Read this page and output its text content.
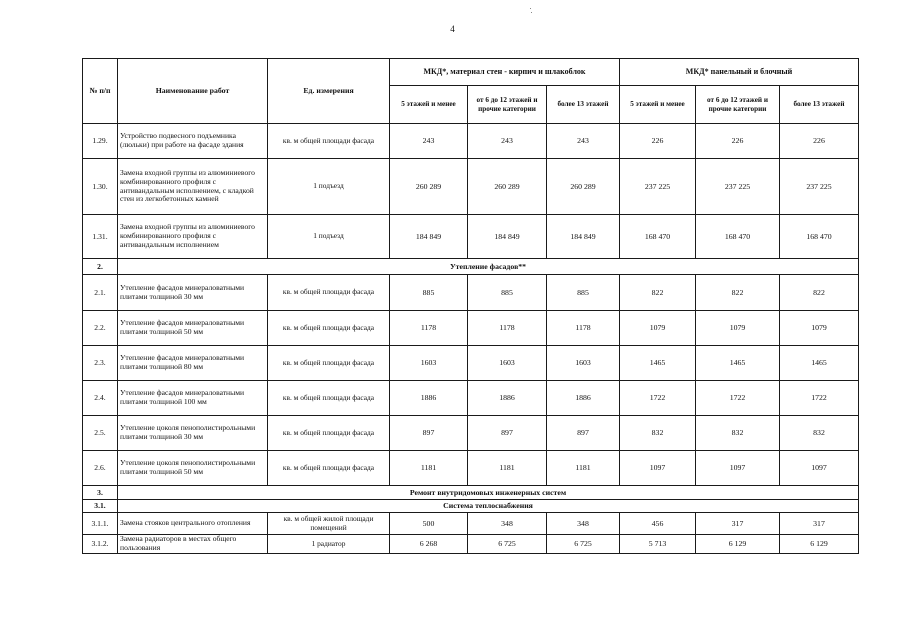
4
№ п/п	Наименование работ	Ед. измерения	МКД*, материал стен - кирпич и шлакоблок			МКД* панельный и блочный		
			5 этажей и менее	от 6 до 12 этажей и прочие категории	более 13 этажей	5 этажей и менее	от 6 до 12 этажей и прочие категории	более 13 этажей
1.29.	Устройство подвесного подъемника (люльки) при работе на фасаде здания	кв. м общей площади фасада	243	243	243	226	226	226
1.30.	Замена входной группы из алюминиевого комбинированного профиля с антивандальным исполнением, с кладкой стен из легкобетонных камней	1 подъезд	260 289	260 289	260 289	237 225	237 225	237 225
1.31.	Замена входной группы из алюминиевого комбинированного профиля с антивандальным исполнением	1 подъезд	184 849	184 849	184 849	168 470	168 470	168 470
2.	Утепление фасадов**							
2.1.	Утепление фасадов минераловатными плитами толщиной 30 мм	кв. м общей площади фасада	885	885	885	822	822	822
2.2.	Утепление фасадов минераловатными плитами толщиной 50 мм	кв. м общей площади фасада	1178	1178	1178	1079	1079	1079
2.3.	Утепление фасадов минераловатными плитами толщиной 80 мм	кв. м общей площади фасада	1603	1603	1603	1465	1465	1465
2.4.	Утепление фасадов минераловатными плитами толщиной 100 мм	кв. м общей площади фасада	1886	1886	1886	1722	1722	1722
2.5.	Утепление цоколя пенополистирольными плитами толщиной 30 мм	кв. м общей площади фасада	897	897	897	832	832	832
2.6.	Утепление цоколя пенополистирольными плитами толщиной 50 мм	кв. м общей площади фасада	1181	1181	1181	1097	1097	1097
3.	Ремонт внутридомовых инженерных систем							
3.1.	Система теплоснабжения							
3.1.1.	Замена стояков центрального отопления	кв. м общей жилой площади помещений	500	348	348	456	317	317
3.1.2.	Замена радиаторов в местах общего пользования	1 радиатор	6 268	6 725	6 725	5 713	6 129	6 129
